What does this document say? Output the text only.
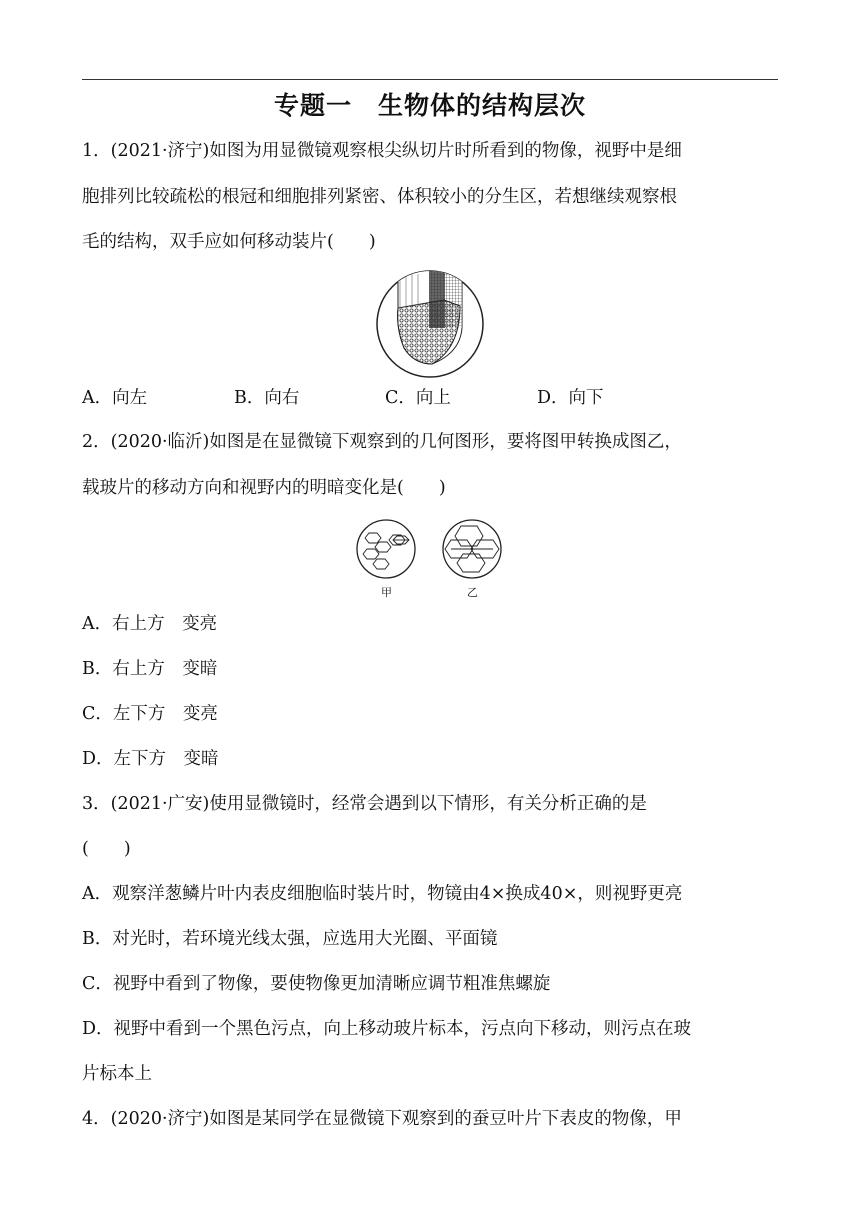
专题一　生物体的结构层次
1．(2021·济宁)如图为用显微镜观察根尖纵切片时所看到的物像，视野中是细
胞排列比较疏松的根冠和细胞排列紧密、体积较小的分生区，若想继续观察根
毛的结构，双手应如何移动装片(　　)
A．向左	B．向右	C．向上	D．向下
2．(2020·临沂)如图是在显微镜下观察到的几何图形，要将图甲转换成图乙，
载玻片的移动方向和视野内的明暗变化是(　　)
甲	乙
A．右上方　变亮
B．右上方　变暗
C．左下方　变亮
D．左下方　变暗
3．(2021·广安)使用显微镜时，经常会遇到以下情形，有关分析正确的是
(　　)
A．观察洋葱鳞片叶内表皮细胞临时装片时，物镜由4×换成40×，则视野更亮
B．对光时，若环境光线太强，应选用大光圈、平面镜
C．视野中看到了物像，要使物像更加清晰应调节粗准焦螺旋
D．视野中看到一个黑色污点，向上移动玻片标本，污点向下移动，则污点在玻
片标本上
4．(2020·济宁)如图是某同学在显微镜下观察到的蚕豆叶片下表皮的物像，甲
